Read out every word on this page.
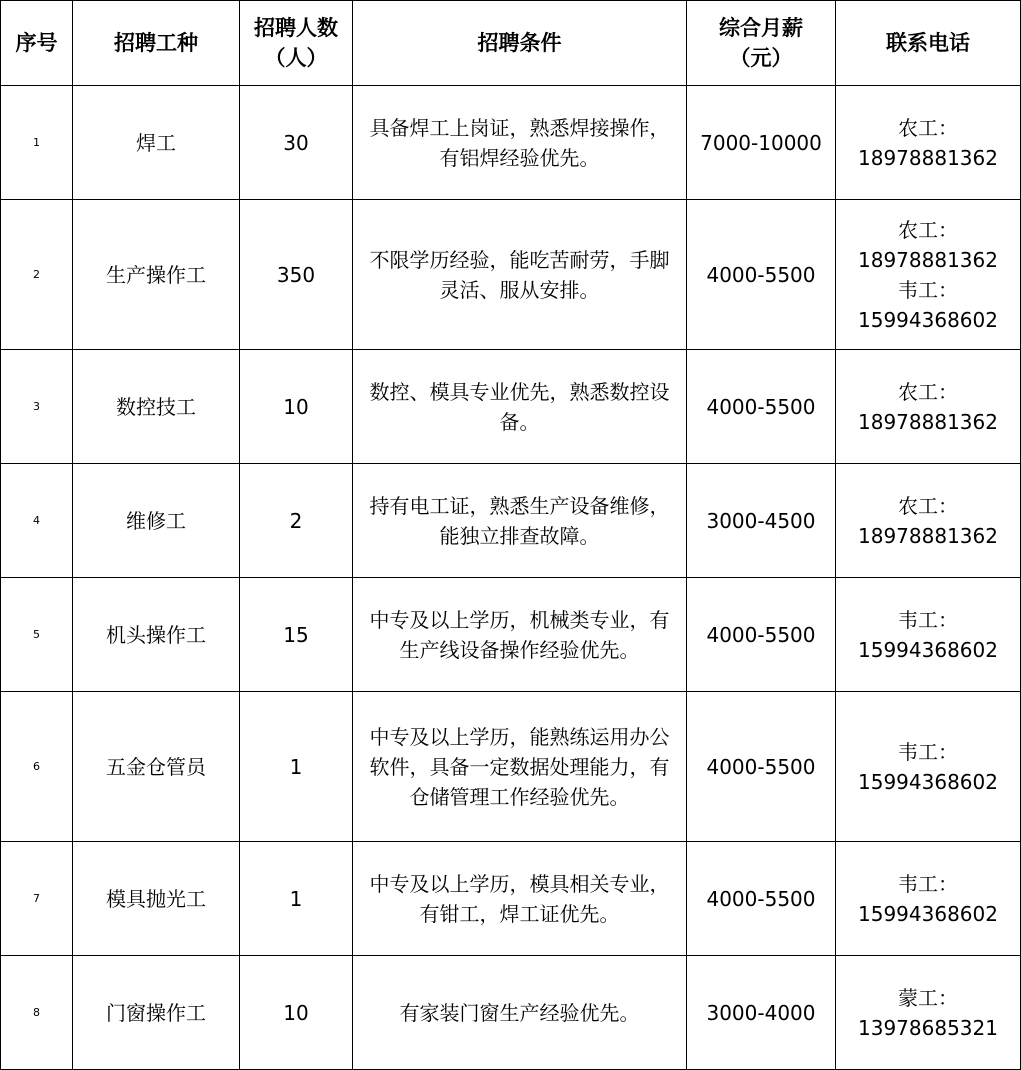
序号	招聘工种	招聘人数（人）	招聘条件	综合月薪（元）	联系电话
1	焊工	30	具备焊工上岗证，熟悉焊接操作，有铝焊经验优先。	7000-10000	农工：
18978881362

2	生产操作工	350	不限学历经验，能吃苦耐劳，手脚灵活、服从安排。	4000-5500	农工：
18978881362
韦工：
15994368602

3	数控技工	10	数控、模具专业优先，熟悉数控设备。	4000-5500	农工：
18978881362

4	维修工	2	持有电工证，熟悉生产设备维修，能独立排查故障。	3000-4500	农工：
18978881362

5	机头操作工	15	中专及以上学历，机械类专业，有生产线设备操作经验优先。	4000-5500	韦工：
15994368602

6	五金仓管员	1	中专及以上学历，能熟练运用办公软件，具备一定数据处理能力，有仓储管理工作经验优先。	4000-5500	韦工：
15994368602

7	模具抛光工	1	中专及以上学历，模具相关专业，有钳工，焊工证优先。	4000-5500	韦工：
15994368602

8	门窗操作工	10	有家装门窗生产经验优先。	3000-4000	蒙工：
13978685321
